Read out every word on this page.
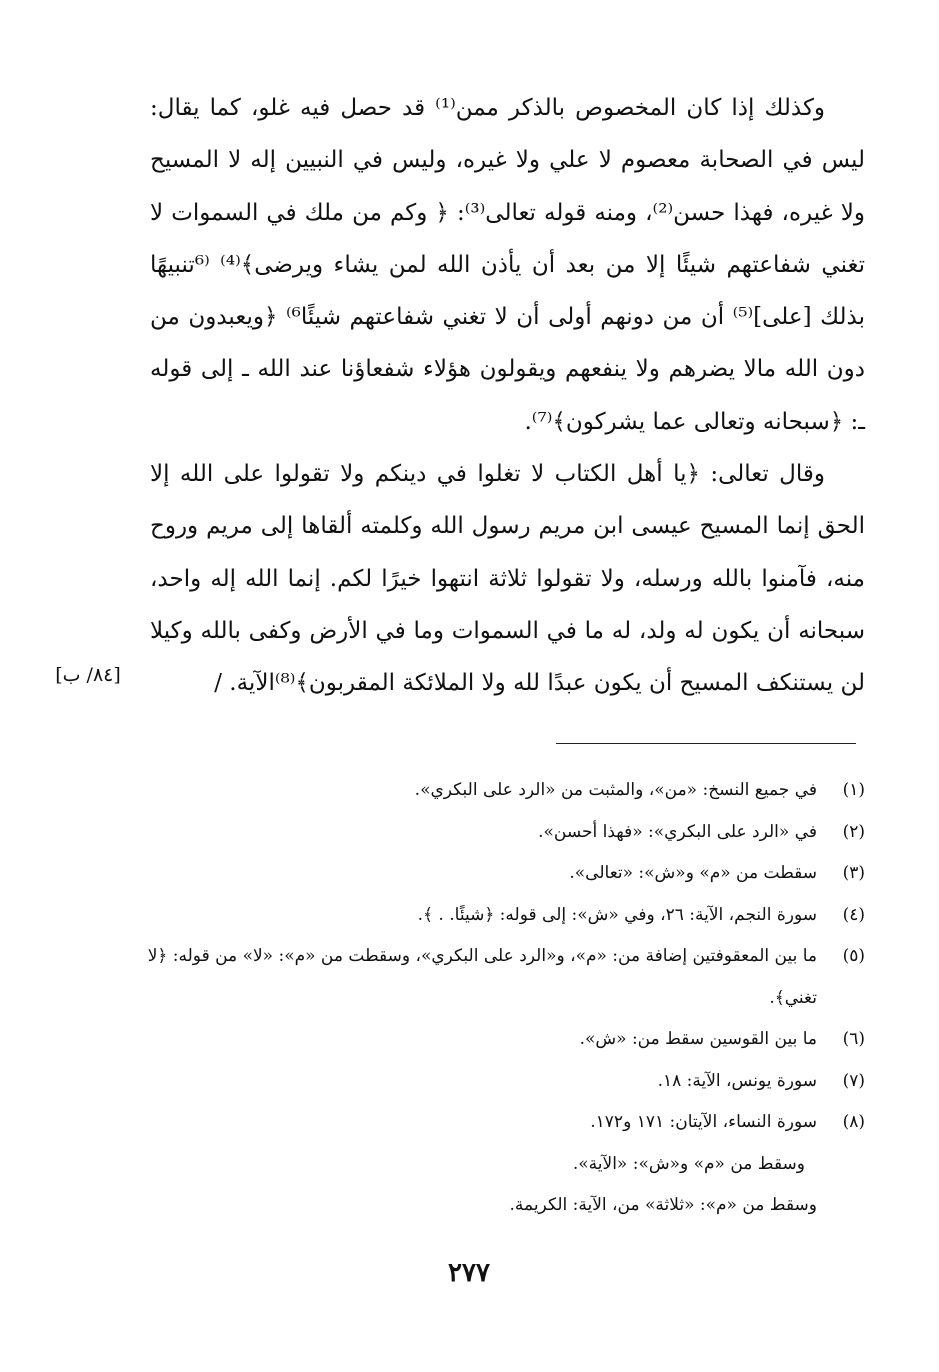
وكذلك إذا كان المخصوص بالذكر ممن⁽¹⁾ قد حصل فيه غلو، كما يقال: ليس في الصحابة معصوم لا علي ولا غيره، وليس في النبيين إله لا المسيح ولا غيره، فهذا حسن⁽²⁾، ومنه قوله تعالى⁽³⁾: ﴿ وكم من ملك في السموات لا تغني شفاعتهم شيئًا إلا من بعد أن يأذن الله لمن يشاء ويرضى﴾⁽⁴⁾ ⁽⁶تنبيهًا بذلك [على]⁽⁵⁾ أن من دونهم أولى أن لا تغني شفاعتهم شيئًا⁶⁾ ﴿ويعبدون من دون الله مالا يضرهم ولا ينفعهم ويقولون هؤلاء شفعاؤنا عند الله ـ إلى قوله ـ: ﴿سبحانه وتعالى عما يشركون﴾⁽⁷⁾.

وقال تعالى: ﴿يا أهل الكتاب لا تغلوا في دينكم ولا تقولوا على الله إلا الحق إنما المسيح عيسى ابن مريم رسول الله وكلمته ألقاها إلى مريم وروح منه، فآمنوا بالله ورسله، ولا تقولوا ثلاثة انتهوا خيرًا لكم. إنما الله إله واحد، سبحانه أن يكون له ولد، له ما في السموات وما في الأرض وكفى بالله وكيلا لن يستنكف المسيح أن يكون عبدًا لله ولا الملائكة المقربون﴾⁽⁸⁾الآية. /

[٨٤/ ب]
(١)
في جميع النسخ: «من»، والمثبت من «الرد على البكري».
(٢)
في «الرد على البكري»: «فهذا أحسن».
(٣)
سقطت من «م» و«ش»: «تعالى».
(٤)
سورة النجم، الآية: ٢٦، وفي «ش»: إلى قوله: ﴿شيئًا. . ﴾.
(٥)
ما بين المعقوفتين إضافة من: «م»، و«الرد على البكري»، وسقطت من «م»: «لا» من قوله: ﴿لا تغني﴾.
(٦)
ما بين القوسين سقط من: «ش».
(٧)
سورة يونس، الآية: ١٨.
(٨)
سورة النساء، الآيتان: ١٧١ و١٧٢.
وسقط من «م» و«ش»: «الآية».
وسقط من «م»: «ثلاثة» من، الآية: الكريمة.
٢٧٧
